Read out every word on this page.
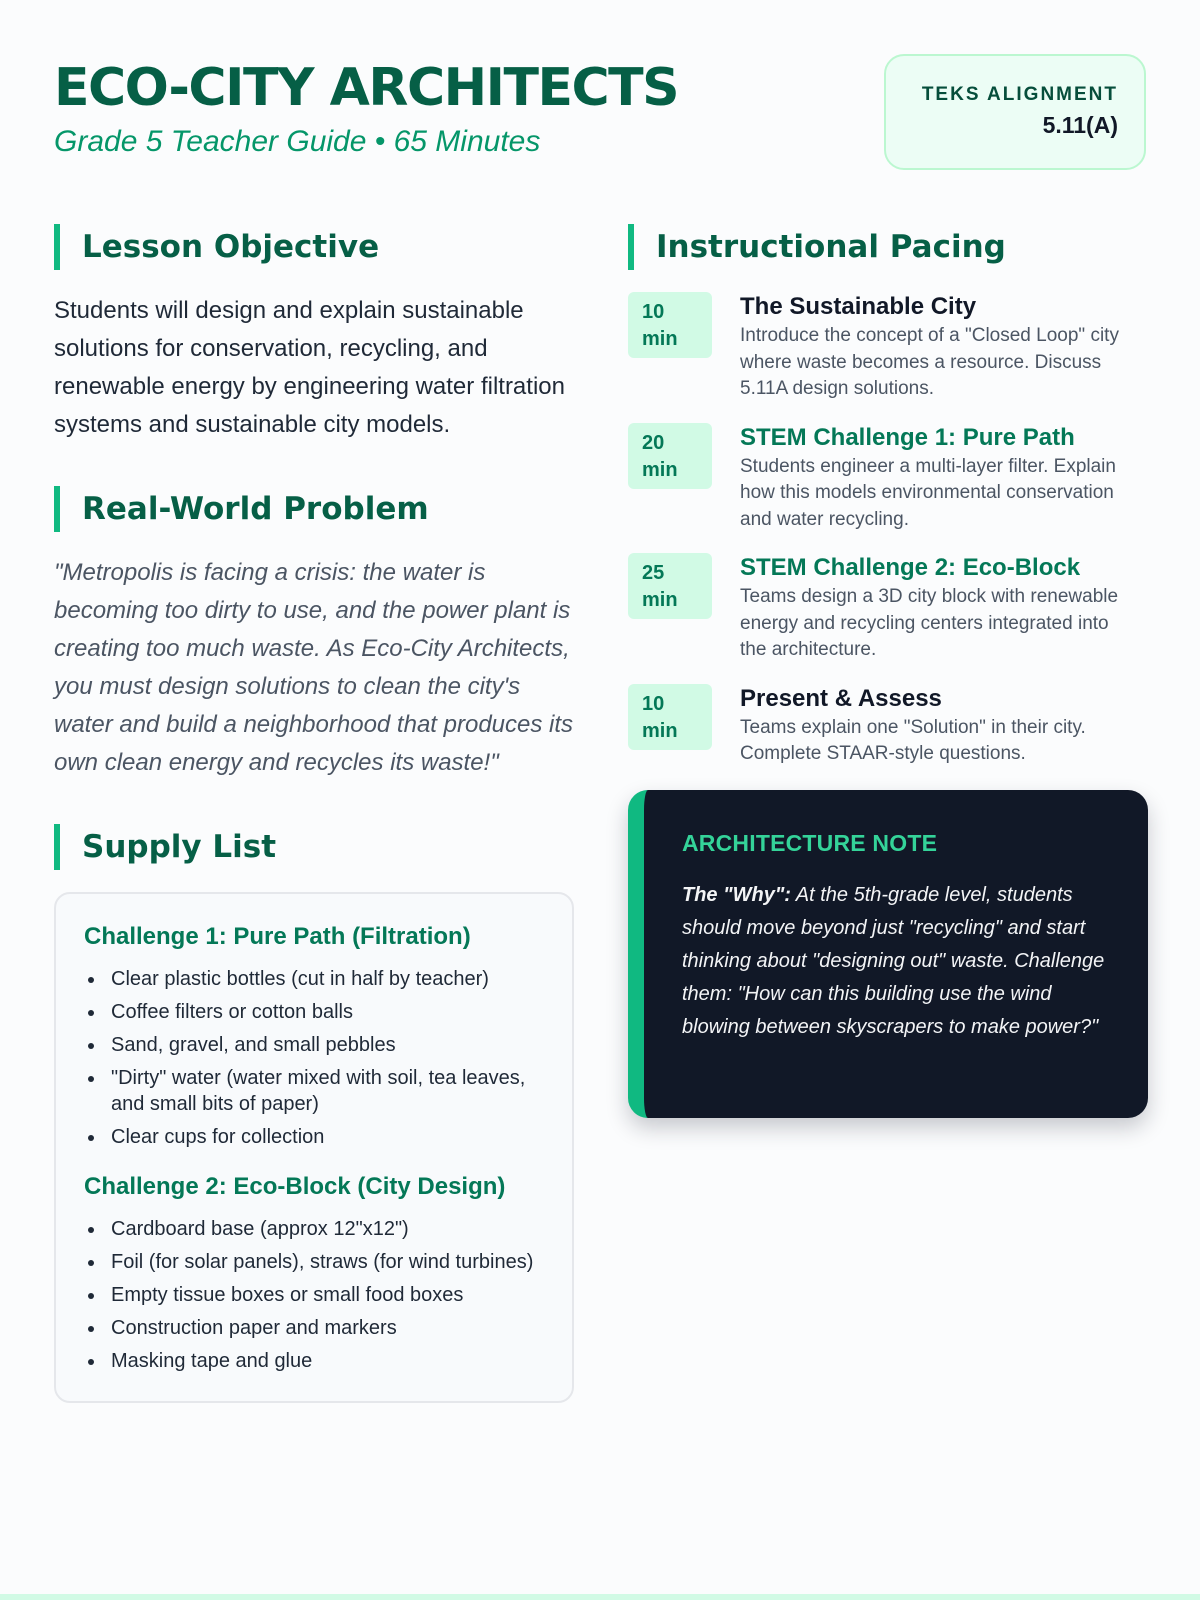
ECO-CITY ARCHITECTS
Grade 5 Teacher Guide • 65 Minutes
TEKS ALIGNMENT
5.11(A)
Lesson Objective

Students will design and explain sustainable solutions for conservation, recycling, and renewable energy by engineering water filtration systems and sustainable city models.

Real-World Problem

"Metropolis is facing a crisis: the water is becoming too dirty to use, and the power plant is creating too much waste. As Eco-City Architects, you must design solutions to clean the city's water and build a neighborhood that produces its own clean energy and recycles its waste!"

Supply List
Challenge 1: Pure Path (Filtration)
Clear plastic bottles (cut in half by teacher)
Coffee filters or cotton balls
Sand, gravel, and small pebbles
"Dirty" water (water mixed with soil, tea leaves, and small bits of paper)
Clear cups for collection
Challenge 2: Eco-Block (City Design)
Cardboard base (approx 12"x12")
Foil (for solar panels), straws (for wind turbines)
Empty tissue boxes or small food boxes
Construction paper and markers
Masking tape and glue
Instructional Pacing
10
min
The Sustainable City
Introduce the concept of a "Closed Loop" city where waste becomes a resource. Discuss 5.11A design solutions.
20
min
STEM Challenge 1: Pure Path
Students engineer a multi-layer filter. Explain how this models environmental conservation and water recycling.
25
min
STEM Challenge 2: Eco-Block
Teams design a 3D city block with renewable energy and recycling centers integrated into the architecture.
10
min
Present & Assess
Teams explain one "Solution" in their city. Complete STAAR-style questions.
ARCHITECTURE NOTE

The "Why": At the 5th-grade level, students should move beyond just "recycling" and start thinking about "designing out" waste. Challenge them: "How can this building use the wind blowing between skyscrapers to make power?"
